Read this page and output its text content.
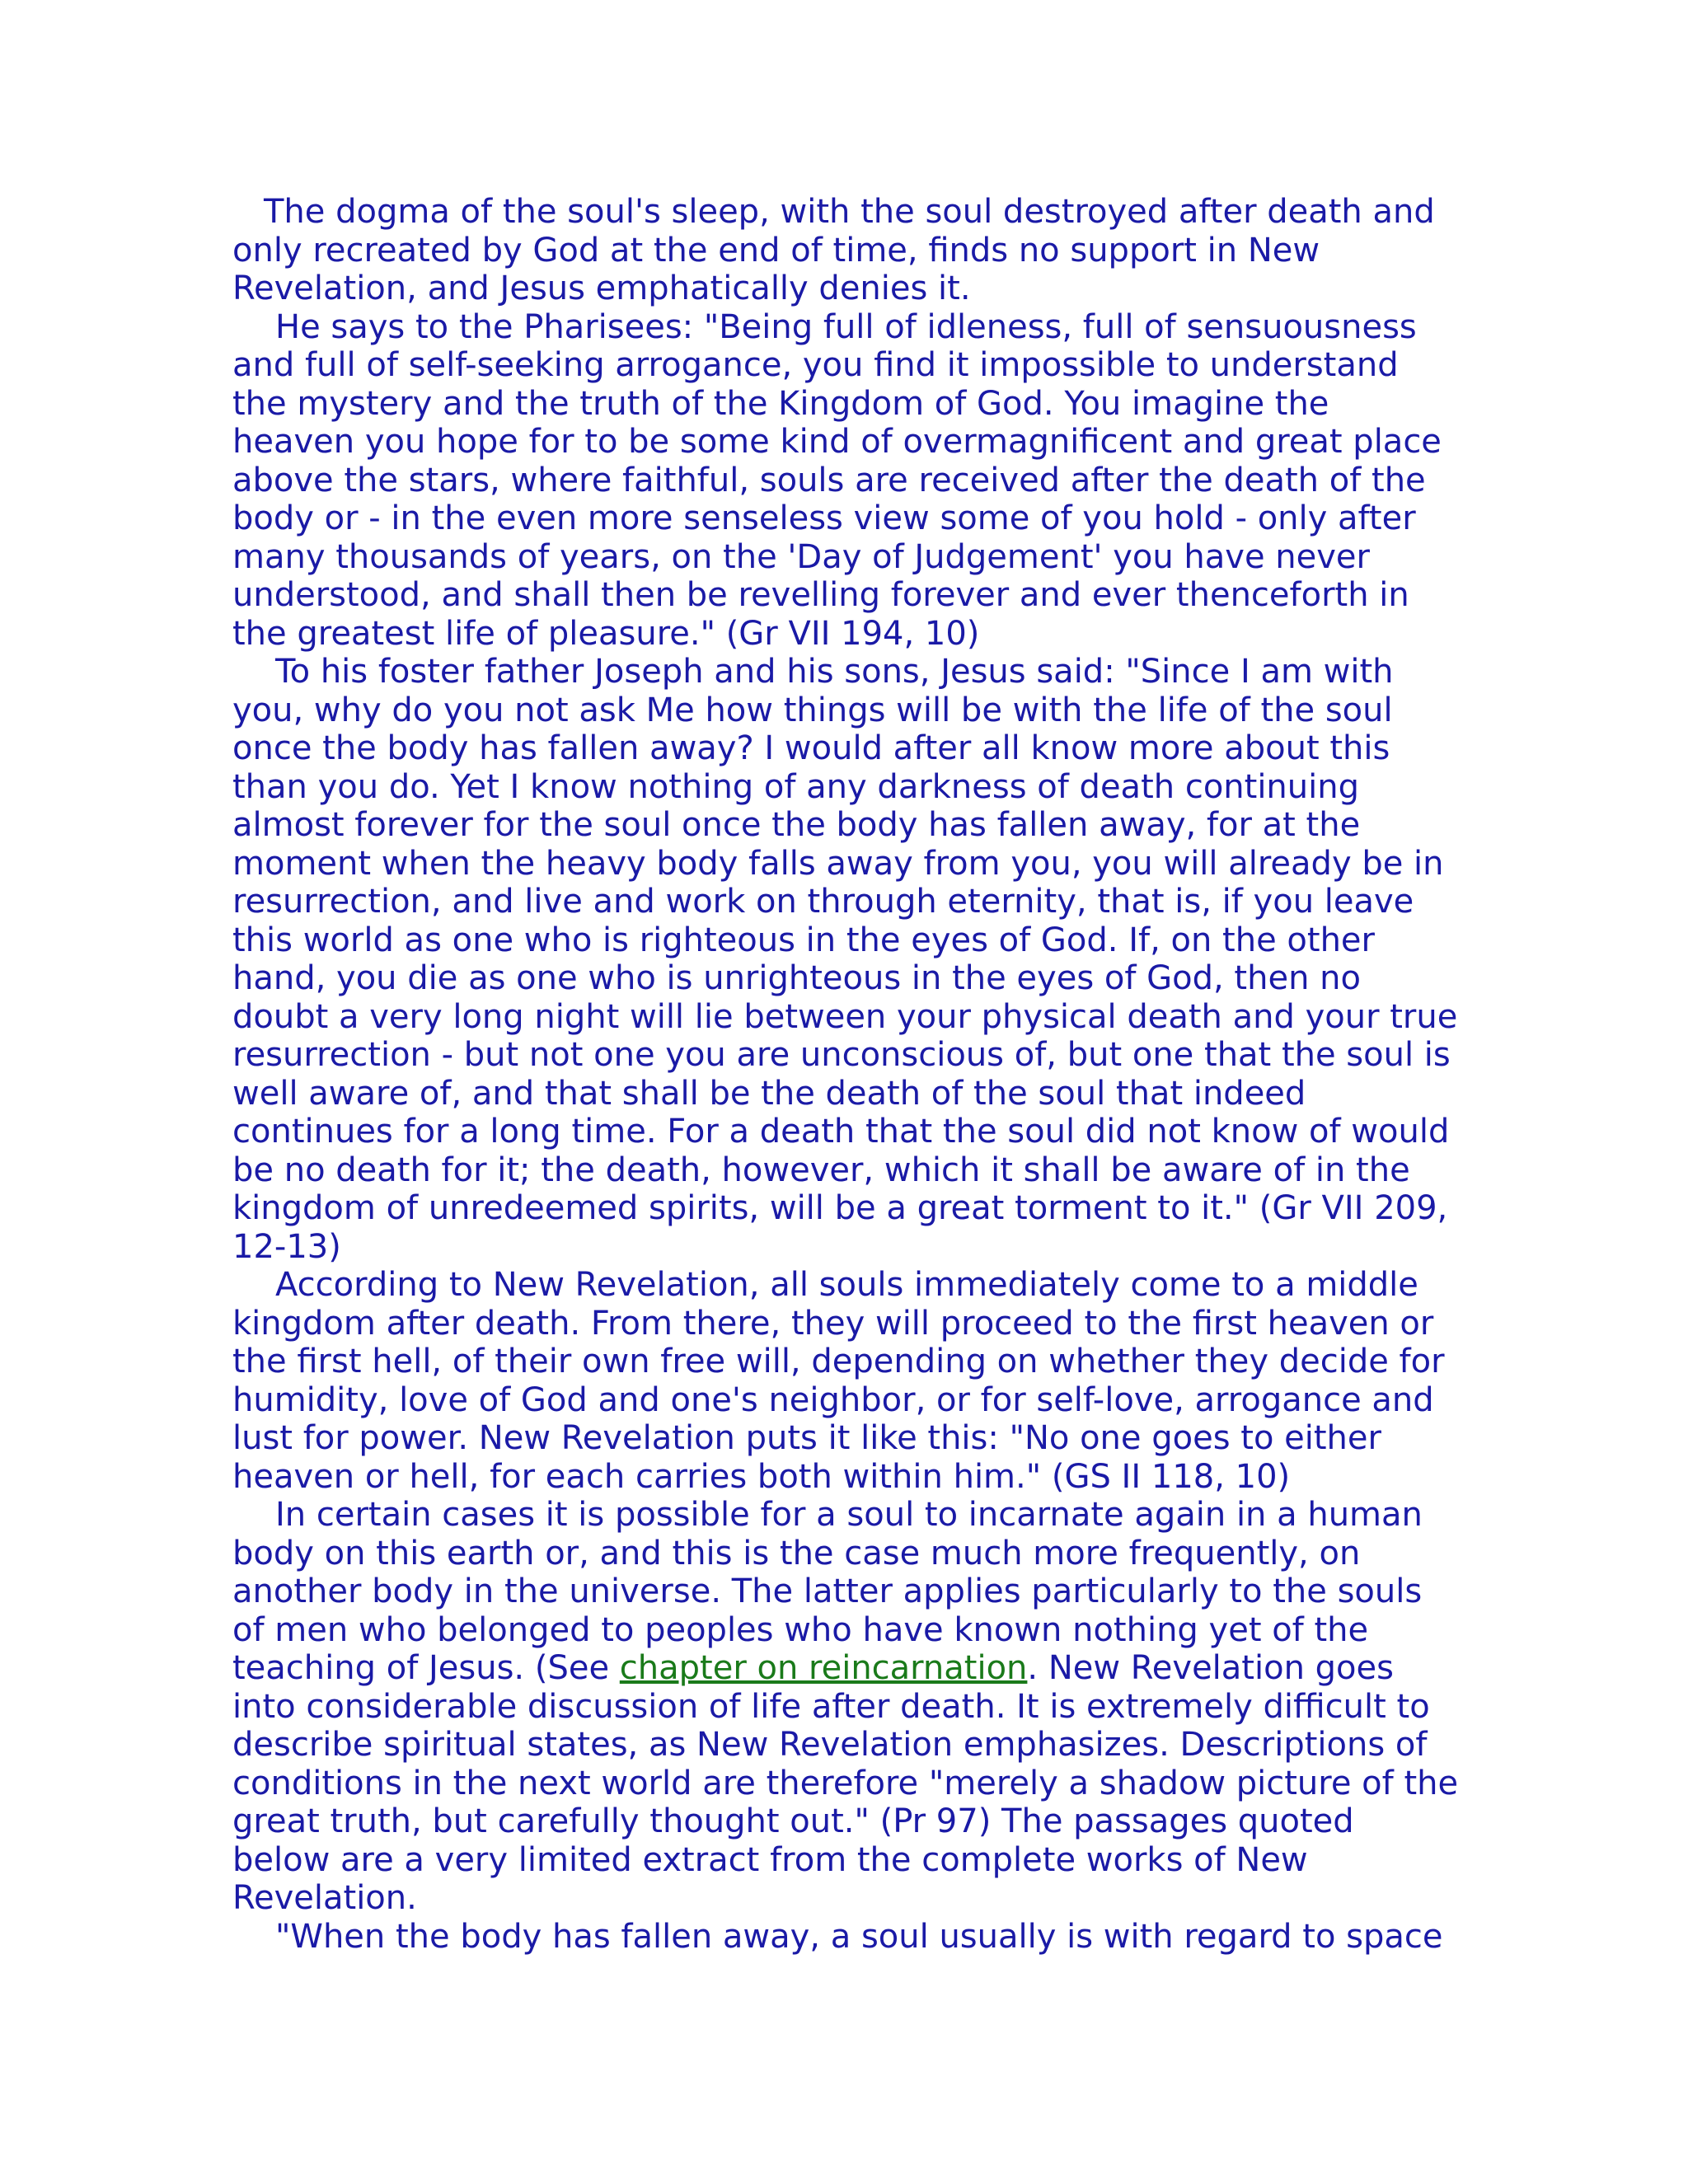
The dogma of the soul's sleep, with the soul destroyed after death and only recreated by God at the end of time, finds no support in New Revelation, and Jesus emphatically denies it.

He says to the Pharisees: "Being full of idleness, full of sensuousness and full of self-seeking arrogance, you find it impossible to understand the mystery and the truth of the Kingdom of God. You imagine the heaven you hope for to be some kind of overmagnificent and great place above the stars, where faithful, souls are received after the death of the body or - in the even more senseless view some of you hold - only after many thousands of years, on the 'Day of Judgement' you have never understood, and shall then be revelling forever and ever thenceforth in the greatest life of pleasure." (Gr VII 194, 10)

To his foster father Joseph and his sons, Jesus said: "Since I am with you, why do you not ask Me how things will be with the life of the soul once the body has fallen away? I would after all know more about this than you do. Yet I know nothing of any darkness of death continuing almost forever for the soul once the body has fallen away, for at the moment when the heavy body falls away from you, you will already be in resurrection, and live and work on through eternity, that is, if you leave this world as one who is righteous in the eyes of God. If, on the other hand, you die as one who is unrighteous in the eyes of God, then no doubt a very long night will lie between your physical death and your true resurrection - but not one you are unconscious of, but one that the soul is well aware of, and that shall be the death of the soul that indeed continues for a long time. For a death that the soul did not know of would be no death for it; the death, however, which it shall be aware of in the kingdom of unredeemed spirits, will be a great torment to it." (Gr VII 209, 12-13)

According to New Revelation, all souls immediately come to a middle kingdom after death. From there, they will proceed to the first heaven or the first hell, of their own free will, depending on whether they decide for humidity, love of God and one's neighbor, or for self-love, arrogance and lust for power. New Revelation puts it like this: "No one goes to either heaven or hell, for each carries both within him." (GS II 118, 10)

In certain cases it is possible for a soul to incarnate again in a human body on this earth or, and this is the case much more frequently, on another body in the universe. The latter applies particularly to the souls of men who belonged to peoples who have known nothing yet of the teaching of Jesus. (See chapter on reincarnation. New Revelation goes into considerable discussion of life after death. It is extremely difficult to describe spiritual states, as New Revelation emphasizes. Descriptions of conditions in the next world are therefore "merely a shadow picture of the great truth, but carefully thought out." (Pr 97) The passages quoted below are a very limited extract from the complete works of New Revelation.

"When the body has fallen away, a soul usually is with regard to space
